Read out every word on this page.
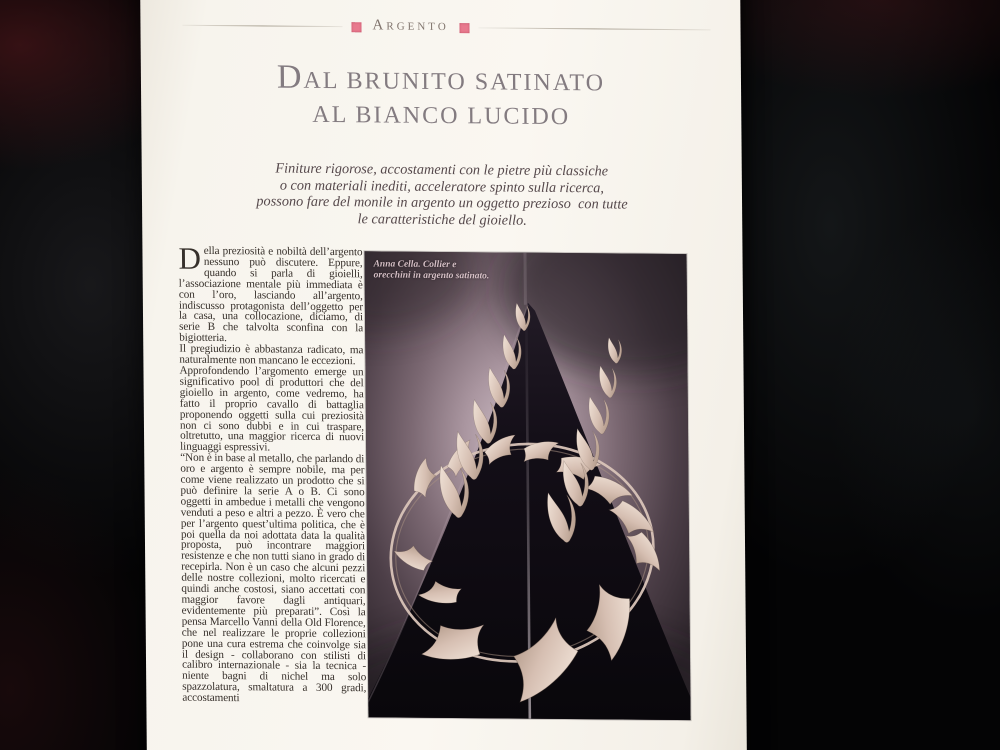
Argento
DAL BRUNITO SATINATO
AL BIANCO LUCIDO
Finiture rigorose, accostamenti con le pietre più classiche
o con materiali inediti, acceleratore spinto sulla ricerca,
possono fare del monile in argento un oggetto prezioso  con tutte
le caratteristiche del gioiello.

Della preziosità e nobiltà dell’argento nessuno può discutere. Eppure, quando si parla di gioielli, l’associazione mentale più immediata è con l’oro, lasciando all’argento, indiscusso protagonista dell’oggetto per la casa, una collocazione, diciamo, di serie B che talvolta sconfina con la bigiotteria.

Il pregiudizio è abbastanza radicato, ma naturalmente non mancano le eccezioni.

Approfondendo l’argomento emerge un significativo pool di produttori che del gioiello in argento, come vedremo, ha fatto il proprio cavallo di battaglia proponendo oggetti sulla cui preziosità non ci sono dubbi e in cui traspare, oltretutto, una maggior ricerca di nuovi linguaggi espressivi.

“Non è in base al metallo, che parlando di oro e argento è sempre nobile, ma per come viene realizzato un prodotto che si può definire la serie A o B. Ci sono oggetti in ambedue i metalli che vengono venduti a peso e altri a pezzo. È vero che per l’argento quest’ultima politica, che è poi quella da noi adottata data la qualità proposta, può incontrare maggiori resistenze e che non tutti siano in grado di recepirla. Non è un caso che alcuni pezzi delle nostre collezioni, molto ricercati e quindi anche costosi, siano accettati con maggior favore dagli antiquari, evidentemente più preparati”. Così la pensa Marcello Vanni della Old Florence, che nel realizzare le proprie collezioni pone una cura estrema che coinvolge sia il design - collaborano con stilisti di calibro internazionale - sia la tecnica - niente bagni di nichel ma solo spazzolatura, smaltatura a 300 gradi, accostamenti

Anna Cella. Collier e orecchini in argento satinato.
